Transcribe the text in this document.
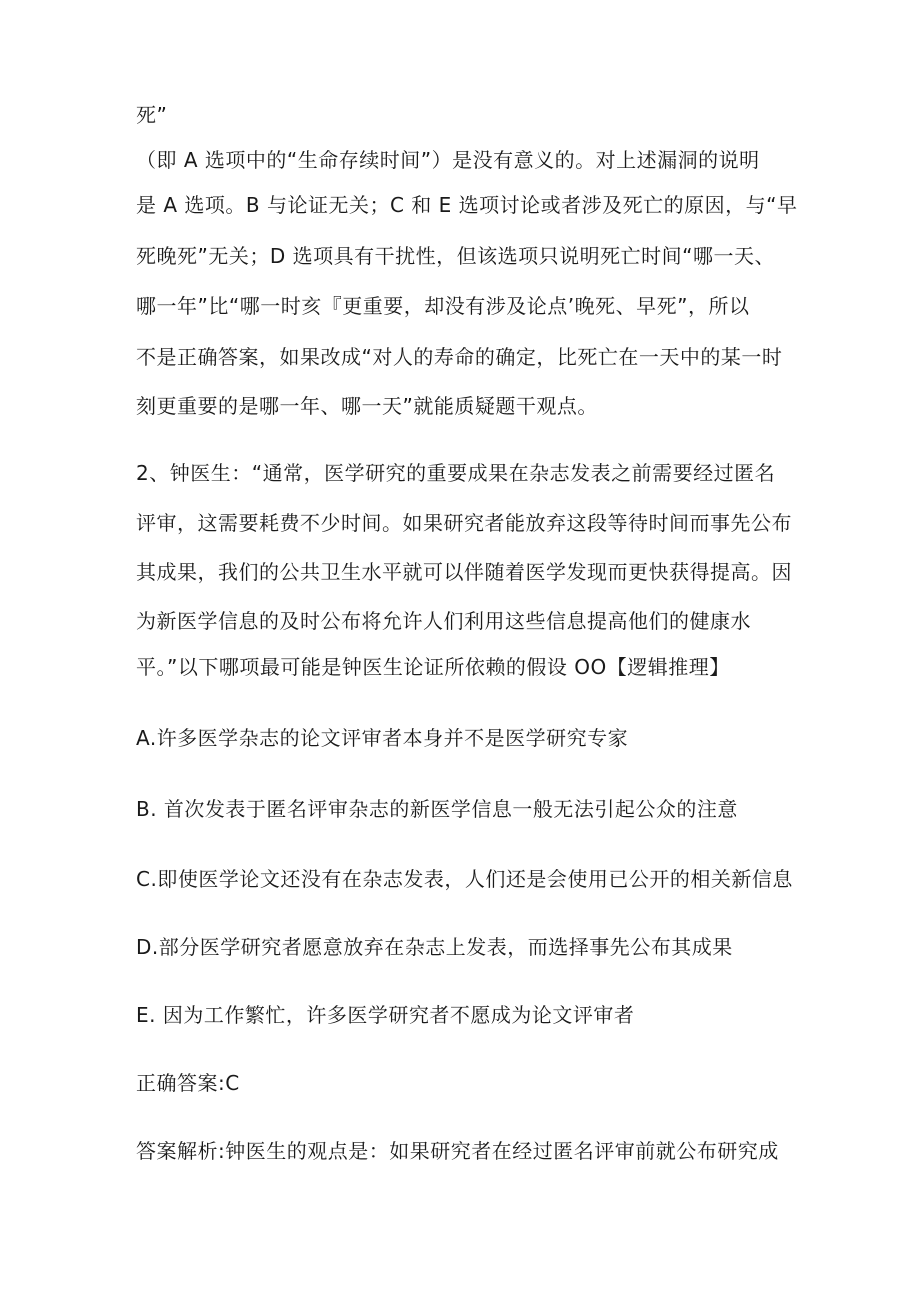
死”
（即 A 选项中的“生命存续时间”）是没有意义的。对上述漏洞的说明
是 A 选项。B 与论证无关；C 和 E 选项讨论或者涉及死亡的原因，与“早
死晚死”无关；D 选项具有干扰性，但该选项只说明死亡时间“哪一天、
哪一年”比“哪一时亥『更重要，却没有涉及论点’晚死、早死”，所以
不是正确答案，如果改成“对人的寿命的确定，比死亡在一天中的某一时
刻更重要的是哪一年、哪一天”就能质疑题干观点。
2、钟医生：“通常，医学研究的重要成果在杂志发表之前需要经过匿名
评审，这需要耗费不少时间。如果研究者能放弃这段等待时间而事先公布
其成果，我们的公共卫生水平就可以伴随着医学发现而更快获得提高。因
为新医学信息的及时公布将允许人们利用这些信息提高他们的健康水
平。”以下哪项最可能是钟医生论证所依赖的假设 OO【逻辑推理】
A.许多医学杂志的论文评审者本身并不是医学研究专家
B. 首次发表于匿名评审杂志的新医学信息一般无法引起公众的注意
C.即使医学论文还没有在杂志发表，人们还是会使用已公开的相关新信息
D.部分医学研究者愿意放弃在杂志上发表，而选择事先公布其成果
E. 因为工作繁忙，许多医学研究者不愿成为论文评审者
正确答案:C
答案解析:钟医生的观点是：如果研究者在经过匿名评审前就公布研究成
